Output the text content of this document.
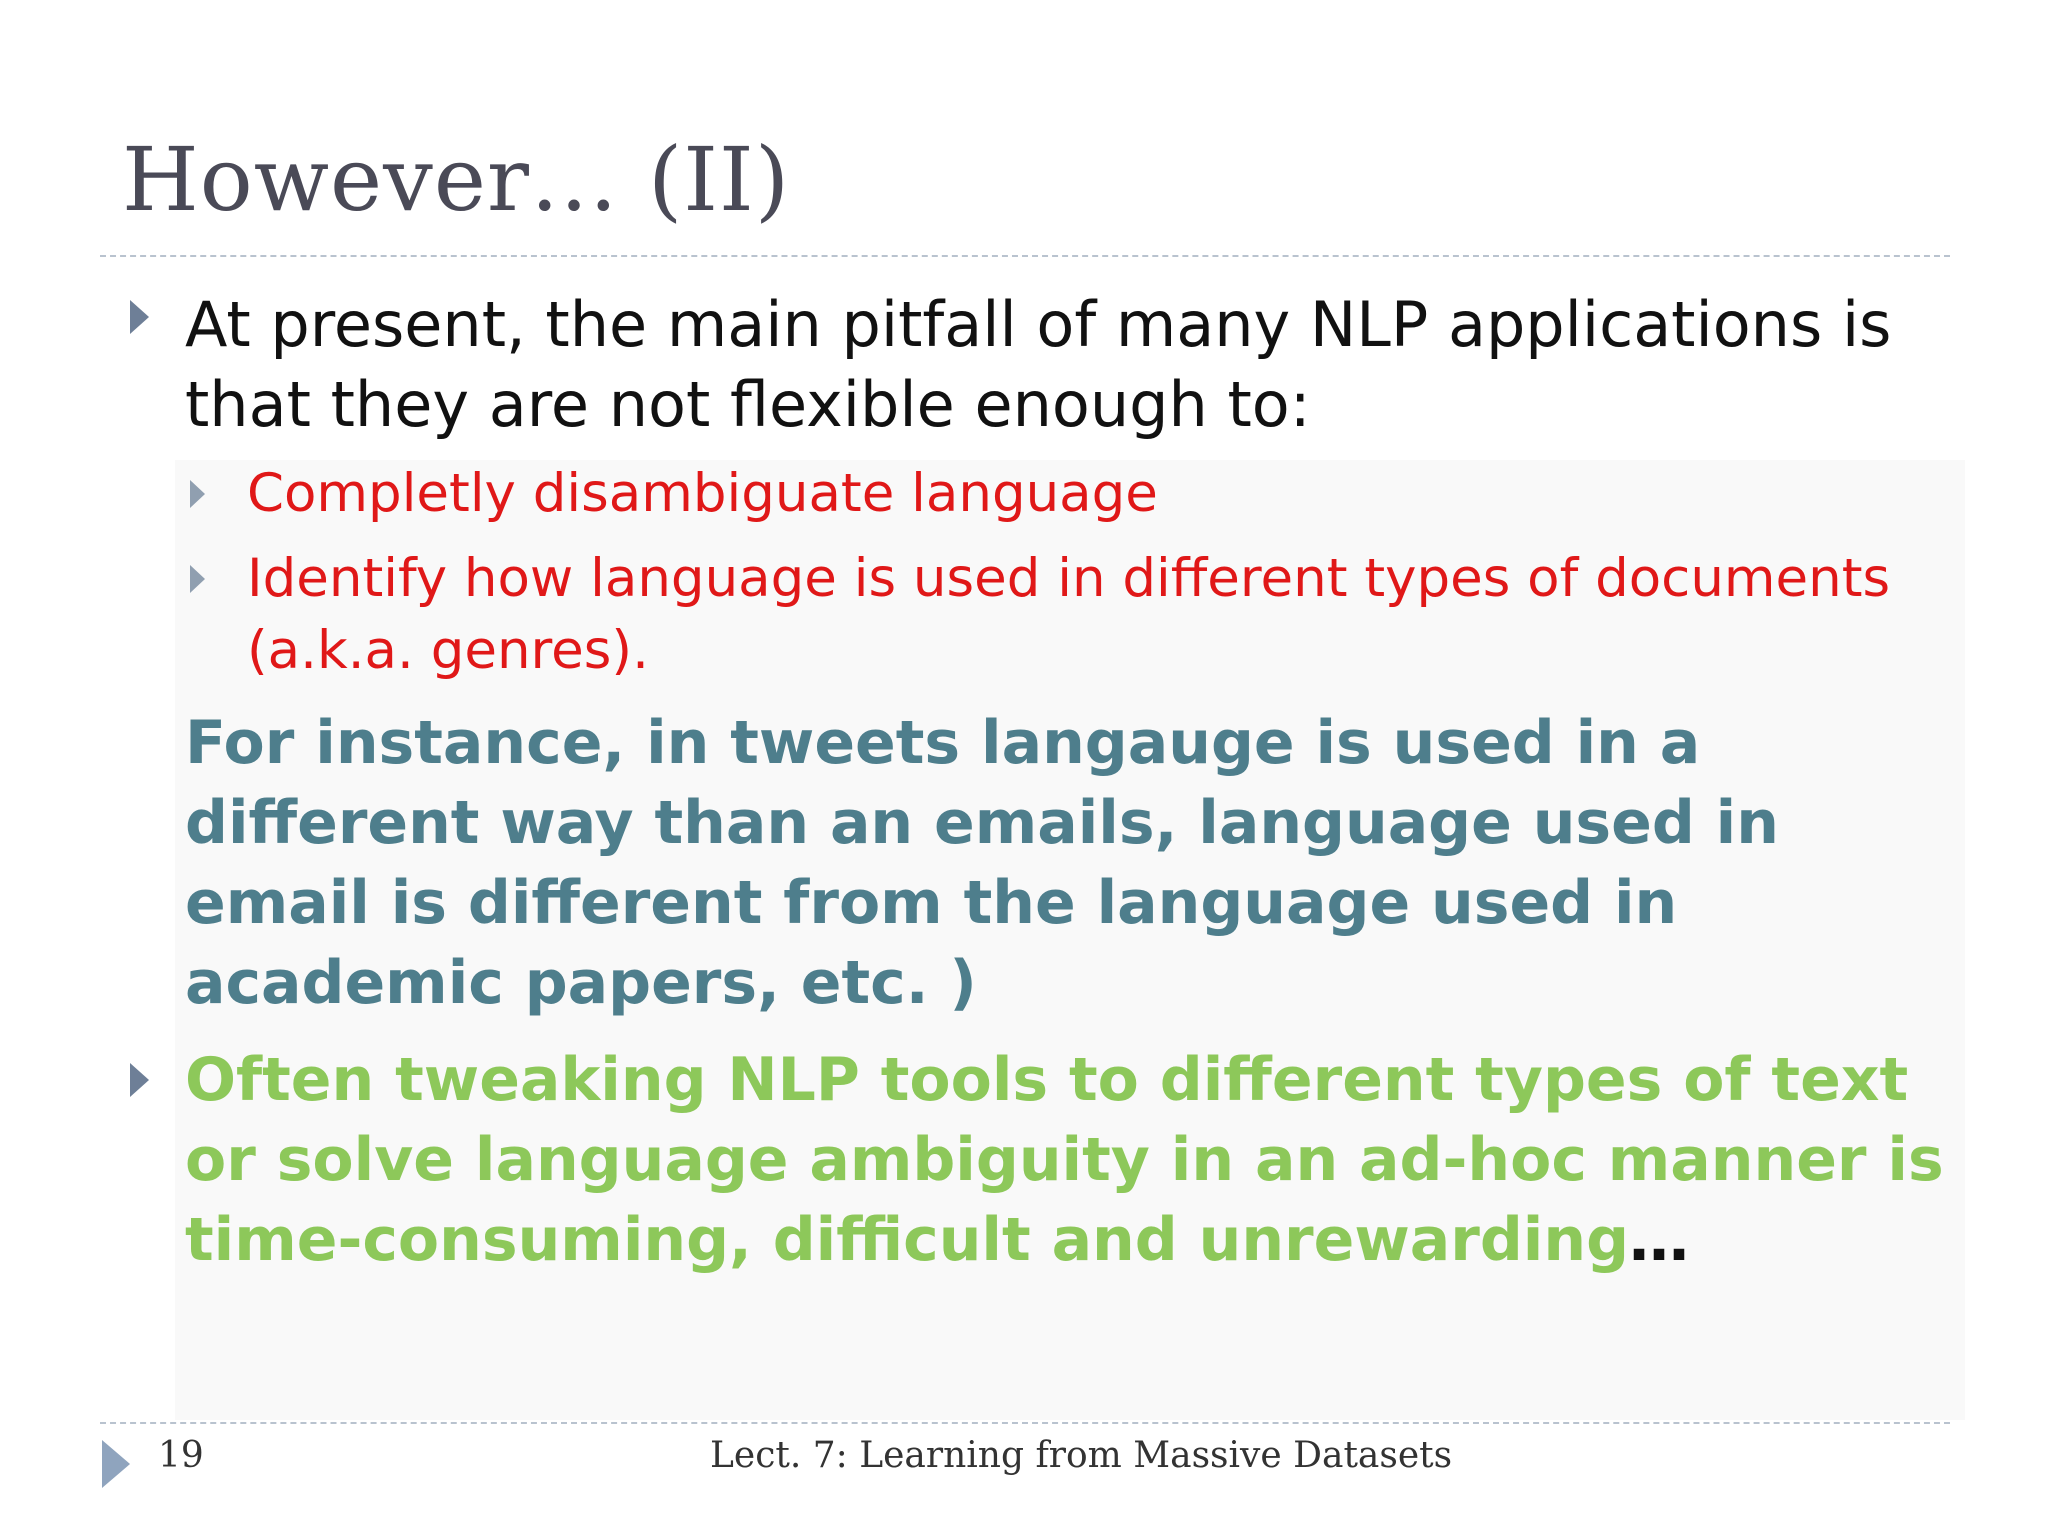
However… (II)

At present, the main pitfall of many NLP applications is that they are not flexible enough to:

Completly disambiguate language

Identify how language is used in different types of documents
(a.k.a. genres).

For instance, in tweets langauge is used in a different way than an emails, language used in email is different from the language used in academic papers, etc. )

Often tweaking NLP tools to different types of text or solve language ambiguity in an ad-hoc manner is time-consuming, difficult and unrewarding…

19	Lect. 7: Learning from Massive Datasets
